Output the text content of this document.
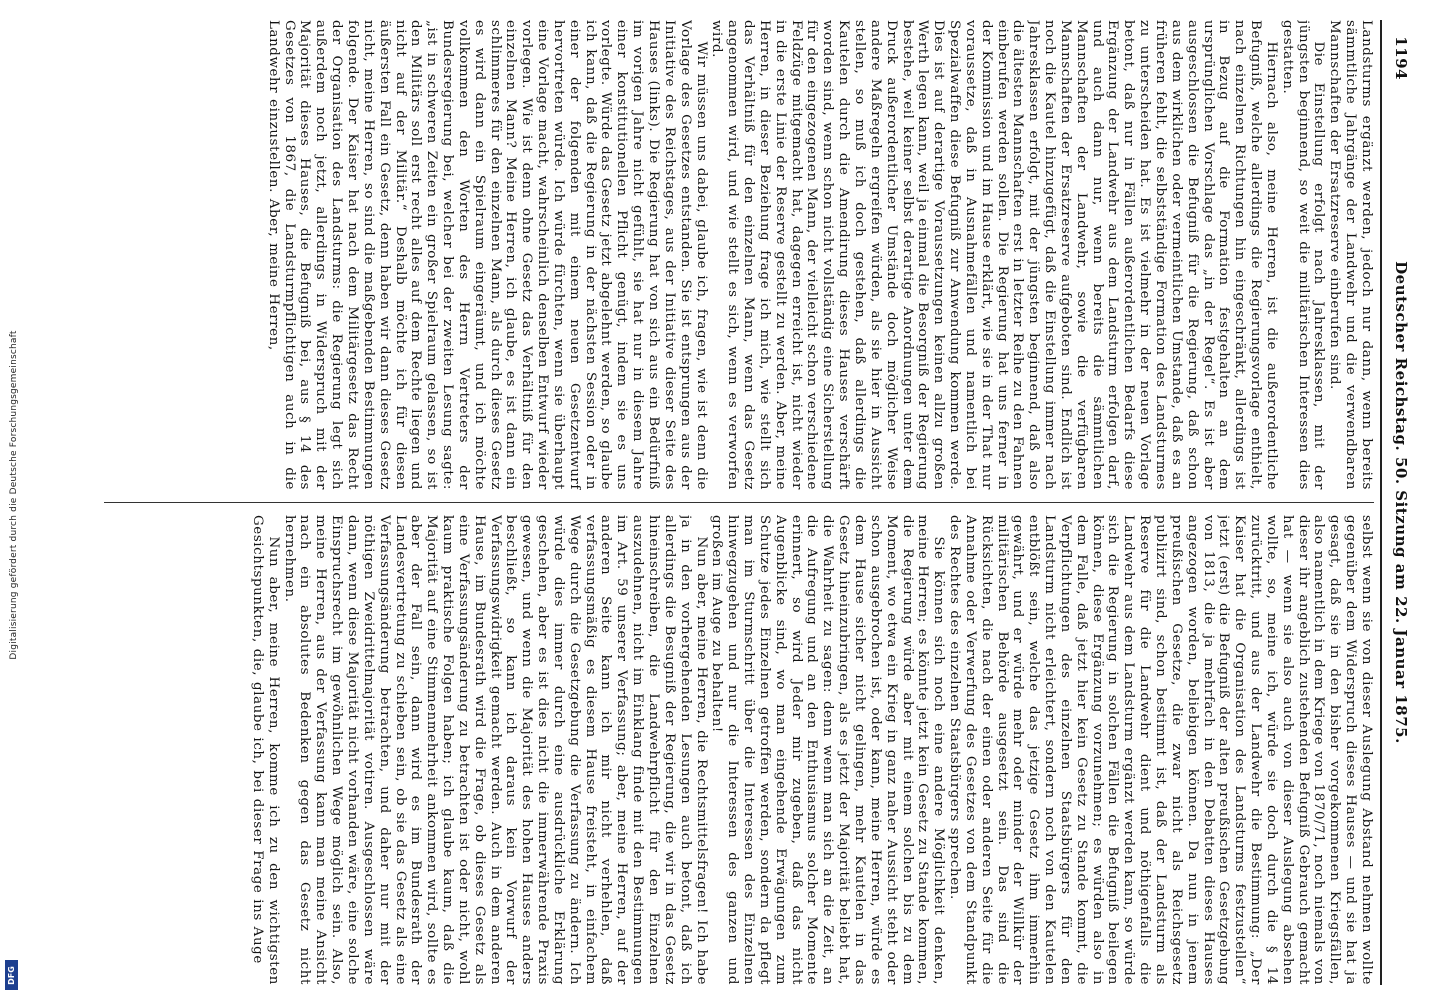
Digitalisierung gefördert durch die Deutsche Forschungsgemeinschaft
DFG
1194
Deutscher Reichstag. 50. Sitzung am 22. Januar 1875.

Landsturms ergänzt werden, jedoch nur dann, wenn bereits sämmtliche Jahrgänge der Landwehr und die verwendbaren Mannschaften der Ersatzreserve einberufen sind.

Die Einstellung erfolgt nach Jahresklassen, mit der jüngsten beginnend, so weit die militärischen Interessen dies gestatten.

Hiernach also, meine Herren, ist die außerordentliche Befugniß, welche allerdings die Regierungsvorlage enthielt, nach einzelnen Richtungen hin eingeschränkt, allerdings ist in Bezug auf die Formation festgehalten an dem ursprünglichen Vorschlage das „in der Regel“. Es ist aber ausgeschlossen die Befugniß für die Regierung, daß schon aus dem wirklichen oder vermeintlichen Umstande, daß es an früheren fehlt, die selbstständige Formation des Landsturmes zu unterscheiden hat. Es ist vielmehr in der neuen Vorlage betont, daß nur in Fällen außerordentlichen Bedarfs diese Ergänzung der Landwehr aus dem Landsturm erfolgen darf, und auch dann nur, wenn bereits die sämmtlichen Mannschaften der Landwehr, sowie die verfügbaren Mannschaften der Ersatzreserve aufgeboten sind. Endlich ist noch die Kautel hinzugefügt, daß die Einstellung immer nach Jahresklassen erfolgt, mit der jüngsten beginnend, daß also die ältesten Mannschaften erst in letzter Reihe zu den Fahnen einberufen werden sollen. Die Regierung hat uns ferner in der Kommission und im Hause erklärt, wie sie in der That nur voraussetze, daß in Ausnahmefällen und namentlich bei Spezialwaffen diese Befugniß zur Anwendung kommen werde. Dies ist auf derartige Voraussetzungen keinen allzu großen Werth legen kann, weil ja einmal die Besorgniß der Regierung bestehe, weil keiner selbst derartige Anordnungen unter dem Druck außerordentlicher Umstände doch möglicher Weise andere Maßregeln ergreifen würden, als sie hier in Aussicht stellen, so muß ich doch gestehen, daß allerdings die Kautelen durch die Amendirung dieses Hauses verschärft worden sind, wenn schon nicht vollständig eine Sicherstellung für den eingezogenen Mann, der vielleicht schon verschiedene Feldzüge mitgemacht hat, dagegen erreicht ist, nicht wieder in die erste Linie der Reserve gestellt zu werden. Aber, meine Herren, in dieser Beziehung frage ich mich, wie stellt sich das Verhältniß für den einzelnen Mann, wenn das Gesetz angenommen wird, und wie stellt es sich, wenn es verworfen wird.

Wir müssen uns dabei, glaube ich, fragen, wie ist denn die Vorlage des Gesetzes entstanden. Sie ist entsprungen aus der Initiative des Reichstages, aus der Initiative dieser Seite des Hauses (links). Die Regierung hat von sich aus ein Bedürfniß im vorigen Jahre nicht gefühlt, sie hat nur in diesem Jahre einer konstitutionellen Pflicht genügt, indem sie es uns vorlegte. Würde das Gesetz jetzt abgelehnt werden, so glaube ich kann, daß die Regierung in der nächsten Session oder in einer der folgenden mit einem neuen Gesetzentwurf hervortreten würde. Ich würde fürchten, wenn sie überhaupt eine Vorlage macht, wahrscheinlich denselben Entwurf wieder vorlegen. Wie ist denn ohne Gesetz das Verhältniß für den einzelnen Mann? Meine Herren, ich glaube, es ist dann ein schlimmeres für den einzelnen Mann, als durch dieses Gesetz es wird dann ein Spielraum eingeräumt, und ich möchte vollkommen den Worten des Herrn Vertreters der Bundesregierung bei, welcher bei der zweiten Lesung sagte: „ist in schweren Zeiten ein großer Spielraum gelassen, so ist den Militärs soll erst recht alles auf dem Rechte liegen und nicht auf der Militär.“ Deshalb möchte ich für diesen äußersten Fall ein Gesetz, denn haben wir dann dieses Gesetz nicht, meine Herren, so sind die maßgebenden Bestimmungen folgende. Der Kaiser hat nach dem Militärgesetz das Recht der Organisation des Landsturms: die Regierung legt sich außerdem noch jetzt, allerdings in Widerspruch mit der Majorität dieses Hauses, die Befugniß bei, aus § 14 des Gesetzes von 1867, die Landsturmpflichtigen auch in die Landwehr einzustellen. Aber, meine Herren,

selbst wenn sie von dieser Auslegung Abstand nehmen wollte gegenüber dem Widerspruch dieses Hauses — und sie hat ja gesagt, daß sie in den bisher vorgekommenen Kriegsfällen, also namentlich in dem Kriege von 1870/71, noch niemals von dieser ihr angeblich zustehenden Befugniß Gebrauch gemacht hat — wenn sie also auch von dieser Auslegung absehen wollte, so, meine ich, würde sie doch durch die § 14 zurücktritt, und aus der Landwehr die Bestimmung: „Der Kaiser hat die Organisation des Landsturms festzustellen“ jetzt (erst) die Befugniß der alten preußischen Gesetzgebung von 1813, die ja mehrfach in den Debatten dieses Hauses angezogen worden, beliebigen können. Da nun in jenem preußischen Gesetze, die zwar nicht als Reichsgesetz publizirt sind, schon bestimmt ist, daß der Landsturm als Reserve für die Landwehr dient und nöthigenfalls die Landwehr aus dem Landsturm ergänzt werden kann, so würde sich die Regierung in solchen Fällen die Befugniß beilegen können, diese Ergänzung vorzunehmen; es würden also in dem Falle, daß jetzt hier kein Gesetz zu Stande kommt, die Verpflichtungen des einzelnen Staatsbürgers für den Landsturm nicht erleichtert, sondern noch von den Kautelen entblößt sein, welche das jetzige Gesetz ihm immerhin gewährt, und er würde mehr oder minder der Willkür der militärischen Behörde ausgesetzt sein. Das sind die Rücksichten, die nach der einen oder anderen Seite für die Annahme oder Verwerfung des Gesetzes von dem Standpunkt des Rechtes des einzelnen Staatsbürgers sprechen.

Sie können sich noch eine andere Möglichkeit denken, meine Herren; es könnte jetzt kein Gesetz zu Stande kommen, die Regierung würde aber mit einem solchen bis zu dem Moment, wo etwa ein Krieg in ganz naher Aussicht steht oder schon ausgebrochen ist, oder kann, meine Herren, würde es dem Hause sicher nicht gelingen, mehr Kautelen in das Gesetz hineinzubringen, als es jetzt der Majorität beliebt hat, die Wahrheit zu sagen: denn wenn man sich an die Zeit, an die Aufregung und an den Enthusiasmus solcher Momente erinnert, so wird Jeder mir zugeben, daß das nicht Augenblicke sind, wo man eingehende Erwägungen zum Schutze jedes Einzelnen getroffen werden, sondern da pflegt man im Sturmschritt über die Interessen des Einzelnen hinwegzugehen und nur die Interessen des ganzen und großen im Auge zu behalten!

Nun aber, meine Herren, die Rechtsmittelsfragen! Ich habe ja in den vorhergehenden Lesungen auch betont, daß ich allerdings die Besugniß der Regierung, die wir in das Gesetz hineinschreiben, die Landwehrpflicht für den Einzelnen auszudehnen, nicht im Einklang finde mit den Bestimmungen im Art. 59 unserer Verfassung; aber, meine Herren, auf der anderen Seite kann ich mir nicht verhehlen, daß verfassungsmäßig es diesem Hause freisteht, in einfachem Wege durch die Gesetzgebung die Verfassung zu ändern. Ich würde dies immer durch eine ausdrückliche Erklärung geschehen, aber es ist dies nicht die immerwährende Praxis gewesen, und wenn die Majorität des hohen Hauses anders beschließt, so kann ich daraus kein Vorwurf der Verfassungswidrigkeit gemacht werden. Auch in dem anderen Hause, im Bundesrath wird die Frage, ob dieses Gesetz als eine Verfassungsänderung zu betrachten ist oder nicht, wohl kaum praktische Folgen haben; ich glaube kaum, daß die Majorität auf eine Stimmenmehrheit ankommen wird, sollte es aber der Fall sein, dann wird es im Bundesrath der Landesvertretung zu schieben sein, ob sie das Gesetz als eine Verfassungsänderung betrachten, und daher nur mit der nöthigen Zweidrittelmajorität votiren. Ausgeschlossen wäre dann, wenn diese Majorität nicht vorhanden wäre, eine solche Einspruchsrecht im gewöhnlichen Wege möglich sein. Also, meine Herren, aus der Verfassung kann man meine Ansicht nach ein absolutes Bedenken gegen das Gesetz nicht hernehmen.

Nun aber, meine Herren, komme ich zu den wichtigsten Gesichtspunkten, die, glaube ich, bei dieser Frage ins Auge
